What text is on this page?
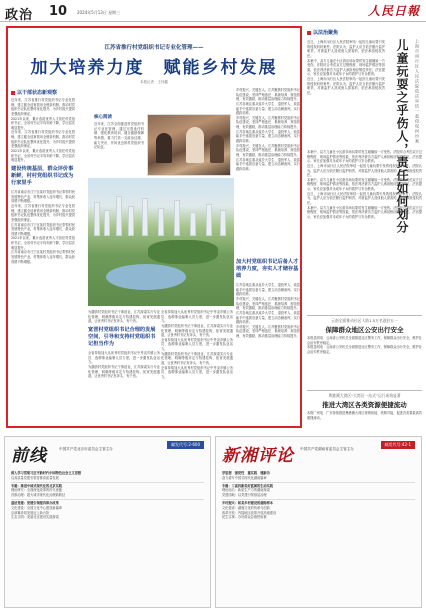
政治 10 2024年5月13日 星期三	人民日報
江苏省推行村党组织书记专业化管理——
加大培养力度　赋能乡村发展
本报记者　王伟健
以干部状态新观察

近年来，江苏省推行村党组织书记专业化管理，建立健全选育管用全链条机制，推动村党组织书记队伍整体优化提升，为乡村振兴提供坚强组织保证。

2021年以来，累计选拔优秀人才担任村党组织书记，全省村书记平均年龄下降，学历层次明显提升。

近年来，江苏省推行村党组织书记专业化管理，建立健全选育管用全链条机制，推动村党组织书记队伍整体优化提升，为乡村振兴提供坚强组织保证。

2021年以来，累计选拔优秀人才担任村党组织书记，全省村书记平均年龄下降，学历层次明显提升。

建设传统基层，群众评价事新鲜，村村党组织书记成为行家里手

江苏省南京市江宁区某村党组织书记带领村民发展特色产业，村集体收入连年增长，群众获得感不断增强。

近年来，江苏省推行村党组织书记专业化管理，建立健全选育管用全链条机制，推动村党组织书记队伍整体优化提升，为乡村振兴提供坚强组织保证。

江苏省南京市江宁区某村党组织书记带领村民发展特色产业，村集体收入连年增长，群众获得感不断增强。

2021年以来，累计选拔优秀人才担任村党组织书记，全省村书记平均年龄下降，学历层次明显提升。

江苏省南京市江宁区某村党组织书记带领村民发展特色产业，村集体收入连年增长，群众获得感不断增强。

核心阅读

近年来，江苏全面推进村党组织书记专业化管理，通过完善选任机制、强化教育培训、健全激励保障等举措，着力打造一支政治过硬、能力突出、作风优良的村党组织书记队伍。

乡村振兴，关键在人。江苏聚焦村党组织书记队伍建设，坚持严格选任、系统培养、规范管理、有效激励，推动基层治理能力持续提升。

江苏各地注重从返乡大学生、退役军人、致富能手中选拔后备力量，建立动态储备库，实行跟踪培养。

乡村振兴，关键在人。江苏聚焦村党组织书记队伍建设，坚持严格选任、系统培养、规范管理、有效激励，推动基层治理能力持续提升。

江苏各地注重从返乡大学生、退役军人、致富能手中选拔后备力量，建立动态储备库，实行跟踪培养。

乡村振兴，关键在人。江苏聚焦村党组织书记队伍建设，坚持严格选任、系统培养、规范管理、有效激励，推动基层治理能力持续提升。

江苏各地注重从返乡大学生、退役军人、致富能手中选拔后备力量，建立动态储备库，实行跟踪培养。

加大村党组织书记后备人才培养力度，夯实人才储存基础

江苏各地注重从返乡大学生、退役军人、致富能手中选拔后备力量，建立动态储备库，实行跟踪培养。

乡村振兴，关键在人。江苏聚焦村党组织书记队伍建设，坚持严格选任、系统培养、规范管理、有效激励，推动基层治理能力持续提升。

江苏各地注重从返乡大学生、退役军人、致富能手中选拔后备力量，建立动态储备库，实行跟踪培养。

乡村振兴，关键在人。江苏聚焦村党组织书记队伍建设，坚持严格选任、系统培养、规范管理、有效激励，推动基层治理能力持续提升。

为激励村党组织书记干事创业，江苏探索实行专业化管理，明确等级评定与待遇挂钩，拓宽发展通道，让优秀村书记有奔头、有干劲。

宽晋村党组织书记合理的发展空间，引导和支持村党组织书记担当作为

全省持续加大从优秀村党组织书记中考录乡镇公务员、选聘事业编制人员力度，进一步激发队伍活力。

为激励村党组织书记干事创业，江苏探索实行专业化管理，明确等级评定与待遇挂钩，拓宽发展通道，让优秀村书记有奔头、有干劲。

全省持续加大从优秀村党组织书记中考录乡镇公务员、选聘事业编制人员力度，进一步激发队伍活力。

为激励村党组织书记干事创业，江苏探索实行专业化管理，明确等级评定与待遇挂钩，拓宽发展通道，让优秀村书记有奔头、有干劲。

全省持续加大从优秀村党组织书记中考录乡镇公务员、选聘事业编制人员力度，进一步激发队伍活力。

为激励村党组织书记干事创业，江苏探索实行专业化管理，明确等级评定与待遇挂钩，拓宽发展通道，让优秀村书记有奔头、有干劲。

全省持续加大从优秀村党组织书记中考录乡镇公务员、选聘事业编制人员力度，进一步激发队伍活力。

以法治聚焦

近日，上海市闵行区人民法院审结一起因儿童玩耍引发的侵权纠纷案件。法院认为，监护人应当依法履行监护职责，对被监护人造成他人损害的，依法承担侵权责任。

本案中，双方儿童在小区游乐场玩耍时发生碰撞致一方受伤。法院综合考虑双方过错程度、现场监护情况等因素，依法判决被告方监护人承担相应赔偿责任。法官提示，家长应加强对未成年子女的看护与安全教育。

近日，上海市闵行区人民法院审结一起因儿童玩耍引发的侵权纠纷案件。法院认为，监护人应当依法履行监护职责，对被监护人造成他人损害的，依法承担侵权责任。	儿童玩耍之乎伤人，责任如何划分 上海市闵行区人民法院依法审结一起侵权纠纷案

本案中，双方儿童在小区游乐场玩耍时发生碰撞致一方受伤。法院综合考虑双方过错程度、现场监护情况等因素，依法判决被告方监护人承担相应赔偿责任。法官提示，家长应加强对未成年子女的看护与安全教育。

近日，上海市闵行区人民法院审结一起因儿童玩耍引发的侵权纠纷案件。法院认为，监护人应当依法履行监护职责，对被监护人造成他人损害的，依法承担侵权责任。

本案中，双方儿童在小区游乐场玩耍时发生碰撞致一方受伤。法院综合考虑双方过错程度、现场监护情况等因素，依法判决被告方监护人承担相应赔偿责任。法官提示，家长应加强对未成年子女的看护与安全教育。

近日，上海市闵行区人民法院审结一起因儿童玩耍引发的侵权纠纷案件。法院认为，监护人应当依法履行监护职责，对被监护人造成他人损害的，依法承担侵权责任。

本案中，双方儿童在小区游乐场玩耍时发生碰撞致一方受伤。法院综合考虑双方过错程度、现场监护情况等因素，依法判决被告方监护人承担相应赔偿责任。法官提示，家长应加强对未成年子女的看护与安全教育。

云南全面推动社区人防1.5万名进驻五一
保障群众地区公安出行安全

本报昆明电　云南省公安机关全面推进社区警务工作，保障群众出行安全，维护社会治安秩序稳定。

本报昆明电　云南省公安机关全面推进社区警务工作，保障群众出行安全，维护社会治安秩序稳定。

粤港澳大湾区“大湾区一站式”运行成效显著
推进大湾区各类资源便捷流动

本报广州电　广东持续推进粤港澳大湾区规则衔接、机制对接，促进各类要素高效便捷流动。

前线	中国共产党北京市委员会主管主办
邮发代号:2-600
深入学习贯彻习近平新时代中国特色社会主义思想
以高质量党建引领首都高质量发展
专题：推进中国式现代化的北京实践
理论研究：全面深化改革的时代意蕴
首都治理：超大城市现代化治理新路径
基层党建：党建引领接诉即办改革
文化建设：全国文化中心建设新篇章
京津冀协同发展迈上新台阶
生态文明：美丽北京建设实践探索
新湘评论 中国共产党湖南省委员会主管主办
邮发代号:42-1
学思想　强党性　重实践　建新功
奋力谱写中国式现代化湖南篇章
专题：三高四新美好蓝图的生动实践
理论前沿：新质生产力的湖南探索
党建园地：以党建引领基层治理
乡村振兴：和美乡村建设的湖南样本
文化强省：湖湘文化的传承与创新
改革开放：内陆地区改革开放高地建设
民生实事：办好群众急难愁盼事
